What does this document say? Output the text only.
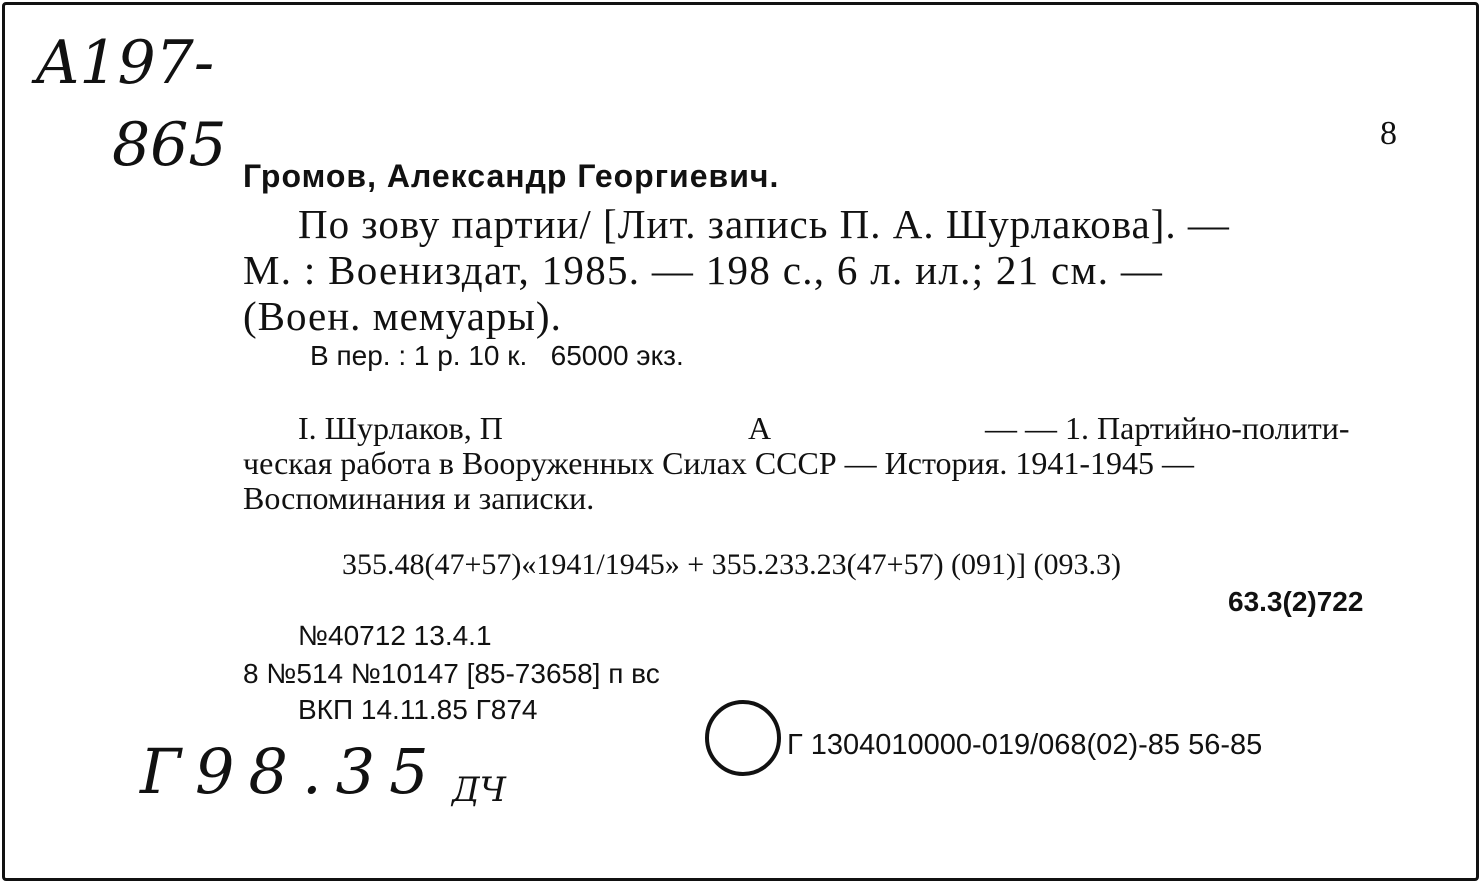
A197-
865
Г98.35 ДЧ
8
Громов, Александр Георгиевич.
По зову партии/ [Лит. запись П. А. Шурлакова]. —
М. : Воениздат, 1985. — 198 с., 6 л. ил.; 21 см. —
(Воен. мемуары).
В пер. : 1 р. 10 к.   65000 экз.
I. Шурлаков, П	А	— — 1. Партийно-полити-
ческая работа в Вооруженных Силах СССР — История. 1941-1945 —
Воспоминания и записки.
355.48(47+57)«1941/1945» + 355.233.23(47+57) (091)] (093.3)
63.3(2)722
№40712 13.4.1
8 №514 №10147 [85-73658] п вс
ВКП 14.11.85 Г874
Г 1304010000-019/068(02)-85 56-85
